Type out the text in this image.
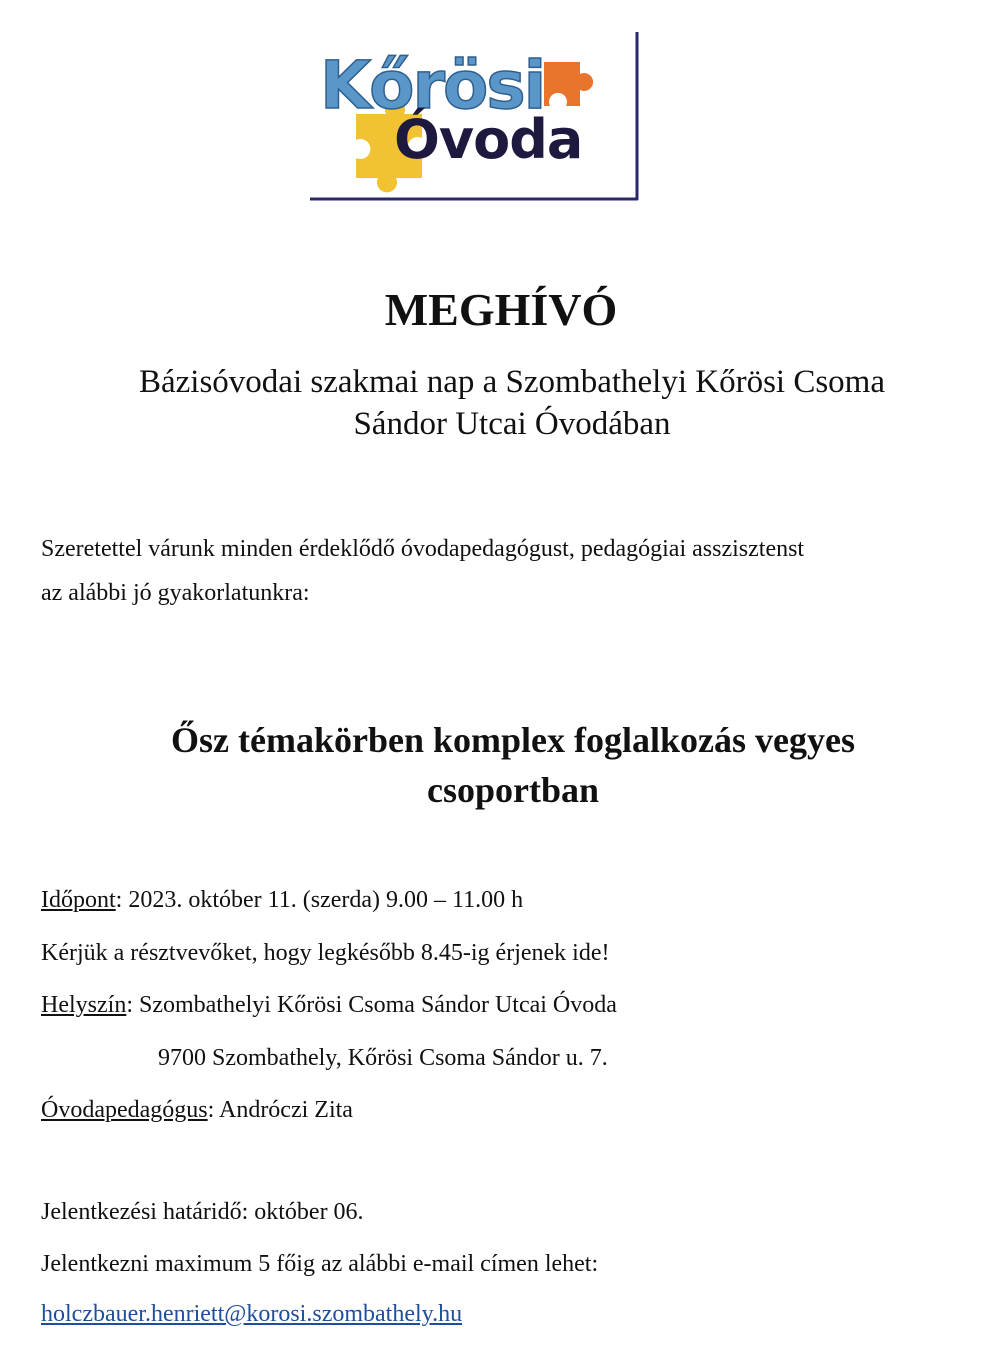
Kőrösi
Óvoda
MEGHÍVÓ
Bázisóvodai szakmai nap a Szombathelyi Kőrösi Csoma
Sándor Utcai Óvodában
Szeretettel várunk minden érdeklődő óvodapedagógust, pedagógiai asszisztenst
az alábbi jó gyakorlatunkra:
Ősz témakörben komplex foglalkozás vegyes
csoportban

Időpont: 2023. október 11. (szerda) 9.00 – 11.00 h

Kérjük a résztvevőket, hogy legkésőbb 8.45-ig érjenek ide!

Helyszín: Szombathelyi Kőrösi Csoma Sándor Utcai Óvoda

9700 Szombathely, Kőrösi Csoma Sándor u. 7.

Óvodapedagógus: Andróczi Zita

Jelentkezési határidő: október 06.

Jelentkezni maximum 5 főig az alábbi e-mail címen lehet:

holczbauer.henriett@korosi.szombathely.hu
